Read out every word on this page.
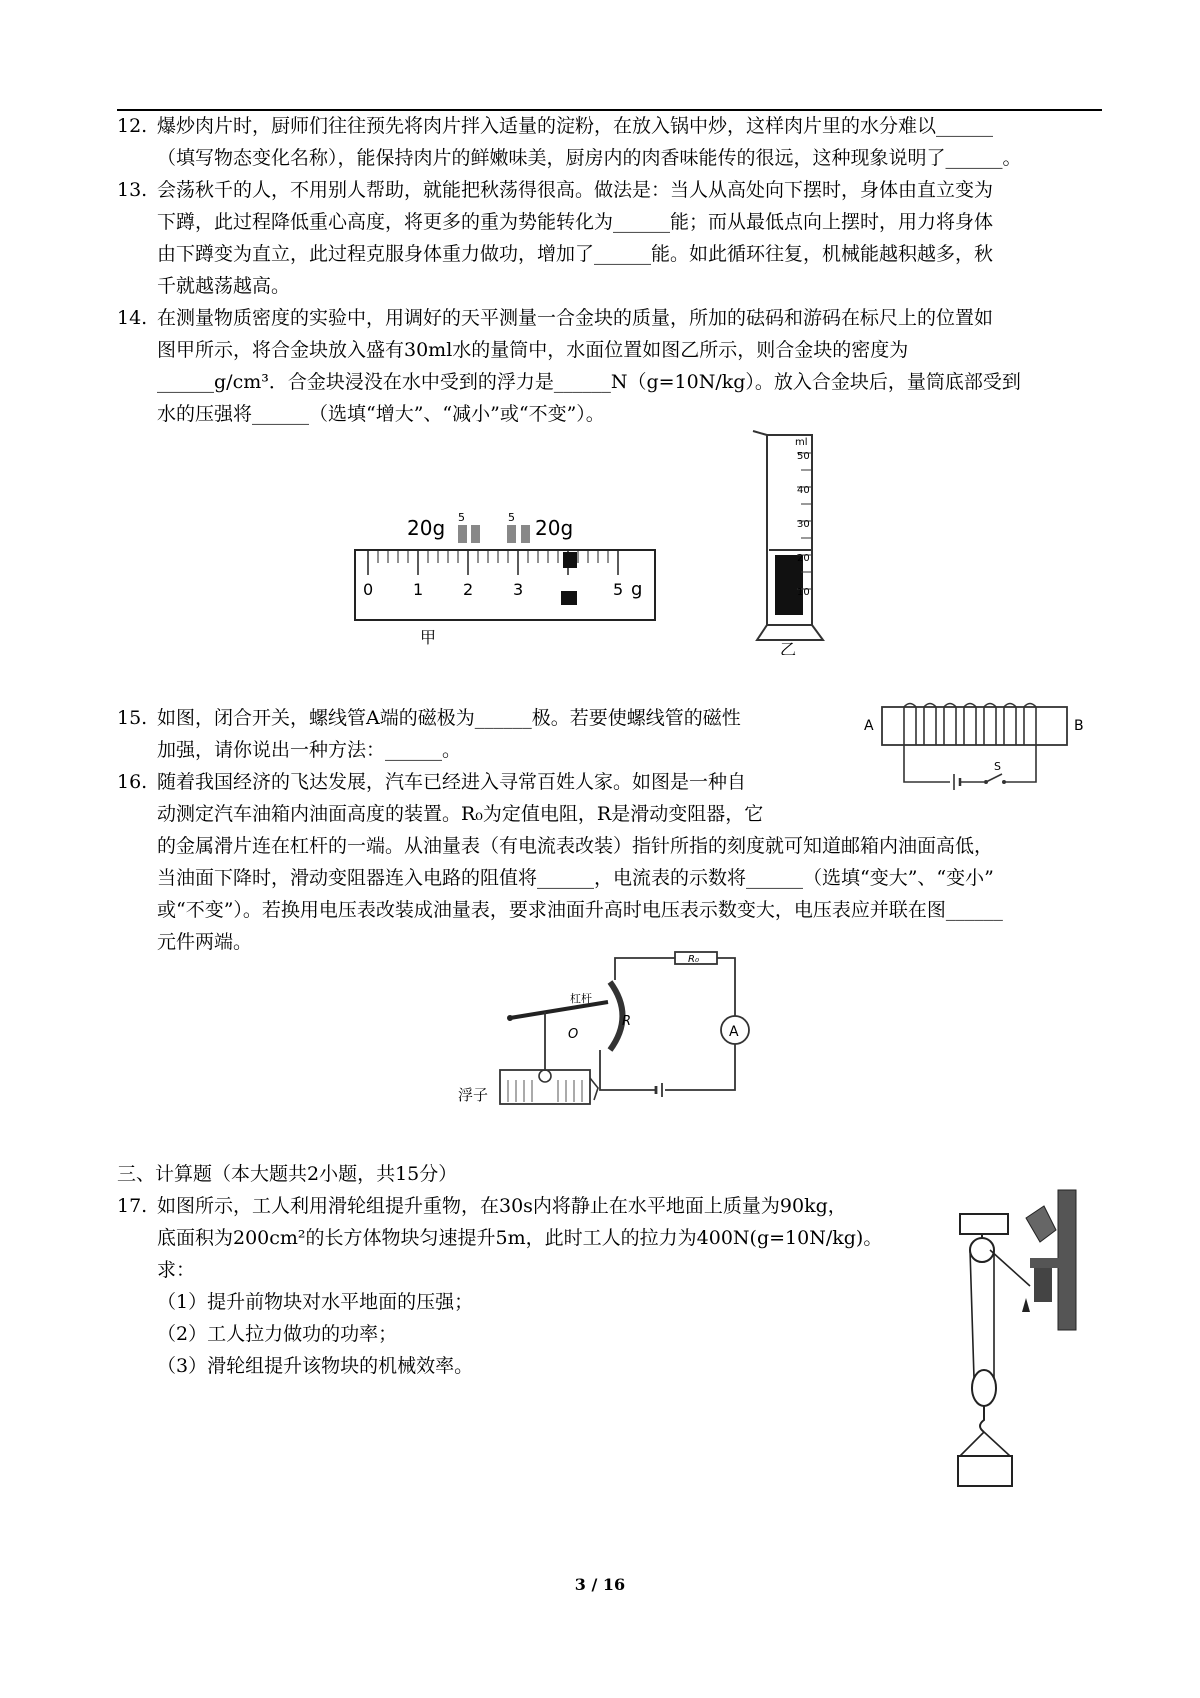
12. 爆炒肉片时，厨师们往往预先将肉片拌入适量的淀粉，在放入锅中炒，这样肉片里的水分难以______
（填写物态变化名称），能保持肉片的鲜嫩味美，厨房内的肉香味能传的很远，这种现象说明了______。
13. 会荡秋千的人，不用别人帮助，就能把秋荡得很高。做法是：当人从高处向下摆时，身体由直立变为
下蹲，此过程降低重心高度，将更多的重为势能转化为______能；而从最低点向上摆时，用力将身体
由下蹲变为直立，此过程克服身体重力做功，增加了______能。如此循环往复，机械能越积越多，秋
千就越荡越高。
14. 在测量物质密度的实验中，用调好的天平测量一合金块的质量，所加的砝码和游码在标尺上的位置如
图甲所示，将合金块放入盛有30ml水的量筒中，水面位置如图乙所示，则合金块的密度为
______g/cm³．合金块浸没在水中受到的浮力是______N（g=10N/kg）。放入合金块后，量筒底部受到
水的压强将______（选填“增大”、“减小”或“不变”）。
20g 5	5 20g
0 1 2 3	5 g
甲
ml
50
40
30
20
10
乙
15. 如图，闭合开关，螺线管A端的磁极为______极。若要使螺线管的磁性
加强，请你说出一种方法：______。
A	B
S
16. 随着我国经济的飞达发展，汽车已经进入寻常百姓人家。如图是一种自
动测定汽车油箱内油面高度的装置。R₀为定值电阻，R是滑动变阻器，它
的金属滑片连在杠杆的一端。从油量表（有电流表改装）指针所指的刻度就可知道邮箱内油面高低，
当油面下降时，滑动变阻器连入电路的阻值将______，电流表的示数将______（选填“变大”、“变小”
或“不变”）。若换用电压表改装成油量表，要求油面升高时电压表示数变大，电压表应并联在图______
元件两端。
R₀
A
R
杠杆
O
浮子
三、计算题（本大题共2小题，共15分）
17. 如图所示，工人利用滑轮组提升重物，在30s内将静止在水平地面上质量为90kg，
底面积为200cm²的长方体物块匀速提升5m，此时工人的拉力为400N(g=10N/kg)。
求：
（1）提升前物块对水平地面的压强；
（2）工人拉力做功的功率；
（3）滑轮组提升该物块的机械效率。
3 / 16
